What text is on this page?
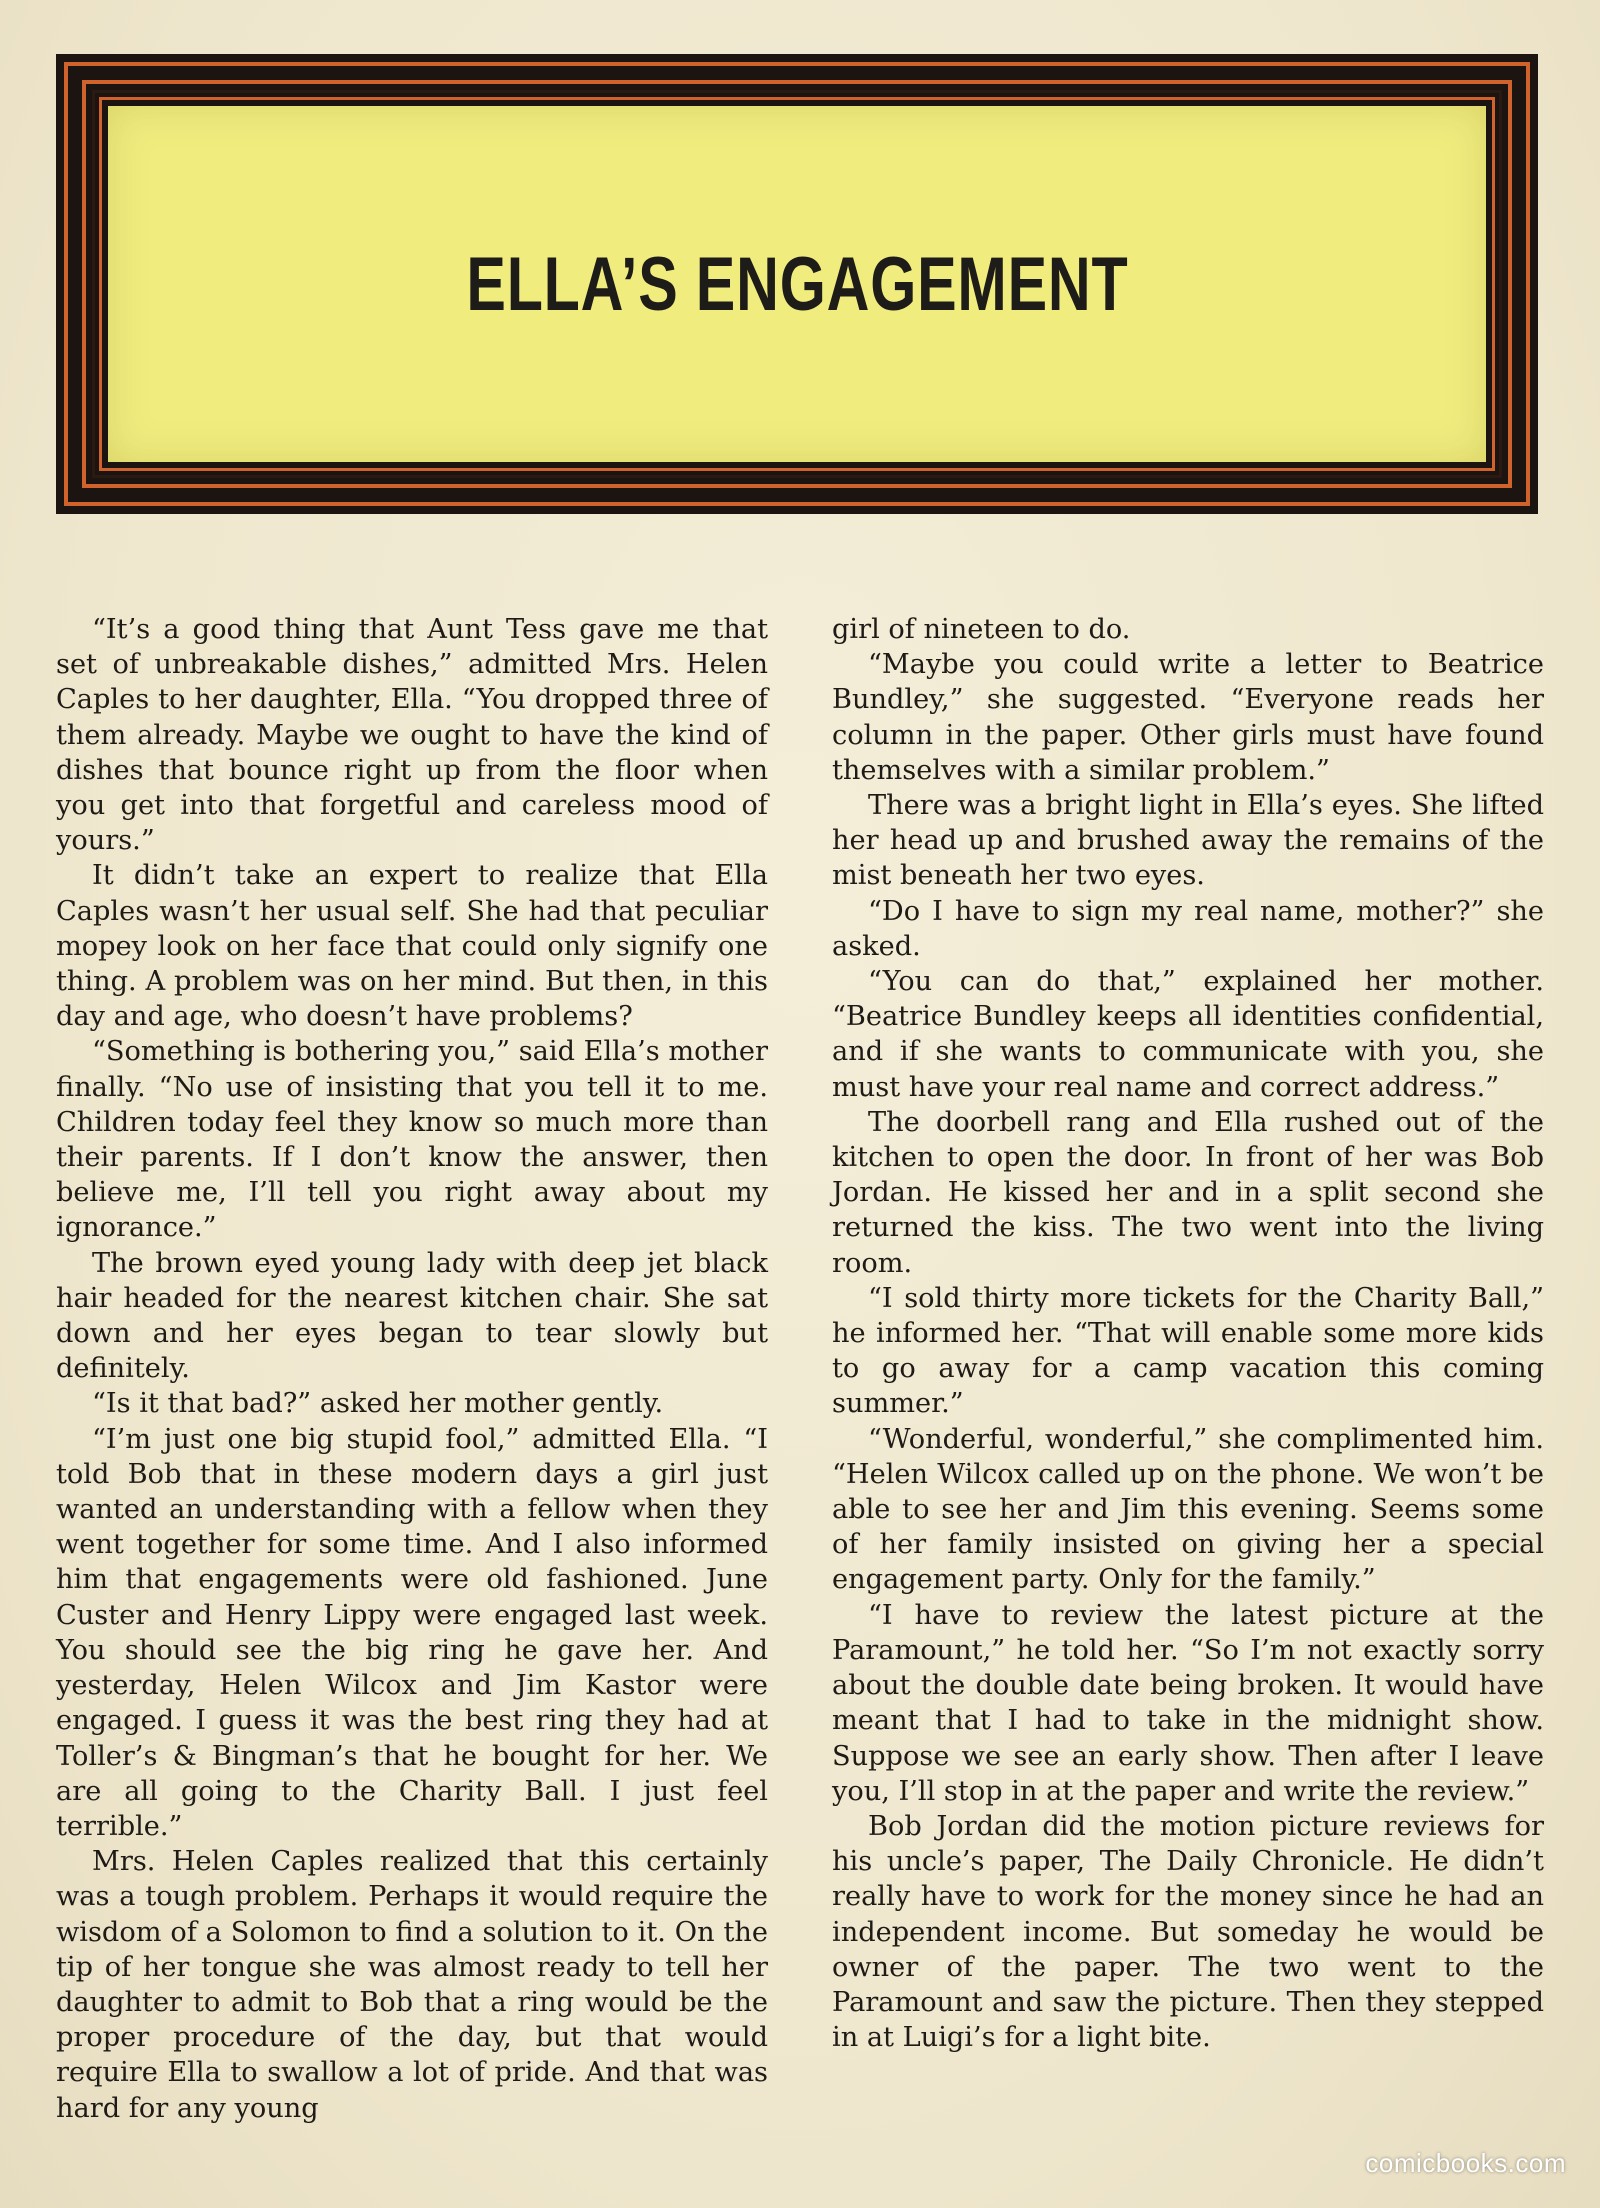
ELLA’S ENGAGEMENT

“It’s a good thing that Aunt Tess gave me that set of unbreakable dishes,” admitted Mrs. Helen Caples to her daughter, Ella. “You dropped three of them already. Maybe we ought to have the kind of dishes that bounce right up from the floor when you get into that forgetful and careless mood of yours.”

It didn’t take an expert to realize that Ella Caples wasn’t her usual self. She had that peculiar mopey look on her face that could only signify one thing. A problem was on her mind. But then, in this day and age, who doesn’t have problems?

“Something is bothering you,” said Ella’s mother finally. “No use of insisting that you tell it to me. Children today feel they know so much more than their parents. If I don’t know the answer, then believe me, I’ll tell you right away about my ignorance.”

The brown eyed young lady with deep jet black hair headed for the nearest kitchen chair. She sat down and her eyes began to tear slowly but definitely.

“Is it that bad?” asked her mother gently.

“I’m just one big stupid fool,” admitted Ella. “I told Bob that in these modern days a girl just wanted an understanding with a fellow when they went together for some time. And I also informed him that engagements were old fashioned. June Custer and Henry Lippy were engaged last week. You should see the big ring he gave her. And yesterday, Helen Wilcox and Jim Kastor were engaged. I guess it was the best ring they had at Toller’s & Bingman’s that he bought for her. We are all going to the Charity Ball. I just feel terrible.”

Mrs. Helen Caples realized that this certainly was a tough problem. Perhaps it would require the wisdom of a Solomon to find a solution to it. On the tip of her tongue she was almost ready to tell her daughter to admit to Bob that a ring would be the proper procedure of the day, but that would require Ella to swallow a lot of pride. And that was hard for any young

girl of nineteen to do.

“Maybe you could write a letter to Beatrice Bundley,” she suggested. “Everyone reads her column in the paper. Other girls must have found themselves with a similar problem.”

There was a bright light in Ella’s eyes. She lifted her head up and brushed away the remains of the mist beneath her two eyes.

“Do I have to sign my real name, mother?” she asked.

“You can do that,” explained her mother. “Beatrice Bundley keeps all identities confidential, and if she wants to communicate with you, she must have your real name and correct address.”

The doorbell rang and Ella rushed out of the kitchen to open the door. In front of her was Bob Jordan. He kissed her and in a split second she returned the kiss. The two went into the living room.

“I sold thirty more tickets for the Charity Ball,” he informed her. “That will enable some more kids to go away for a camp vacation this coming summer.”

“Wonderful, wonderful,” she complimented him. “Helen Wilcox called up on the phone. We won’t be able to see her and Jim this evening. Seems some of her family insisted on giving her a special engagement party. Only for the family.”

“I have to review the latest picture at the Paramount,” he told her. “So I’m not exactly sorry about the double date being broken. It would have meant that I had to take in the midnight show. Suppose we see an early show. Then after I leave you, I’ll stop in at the paper and write the review.”

Bob Jordan did the motion picture reviews for his uncle’s paper, The Daily Chronicle. He didn’t really have to work for the money since he had an independent income. But someday he would be owner of the paper. The two went to the Paramount and saw the picture. Then they stepped in at Luigi’s for a light bite.

comicbooks.com
